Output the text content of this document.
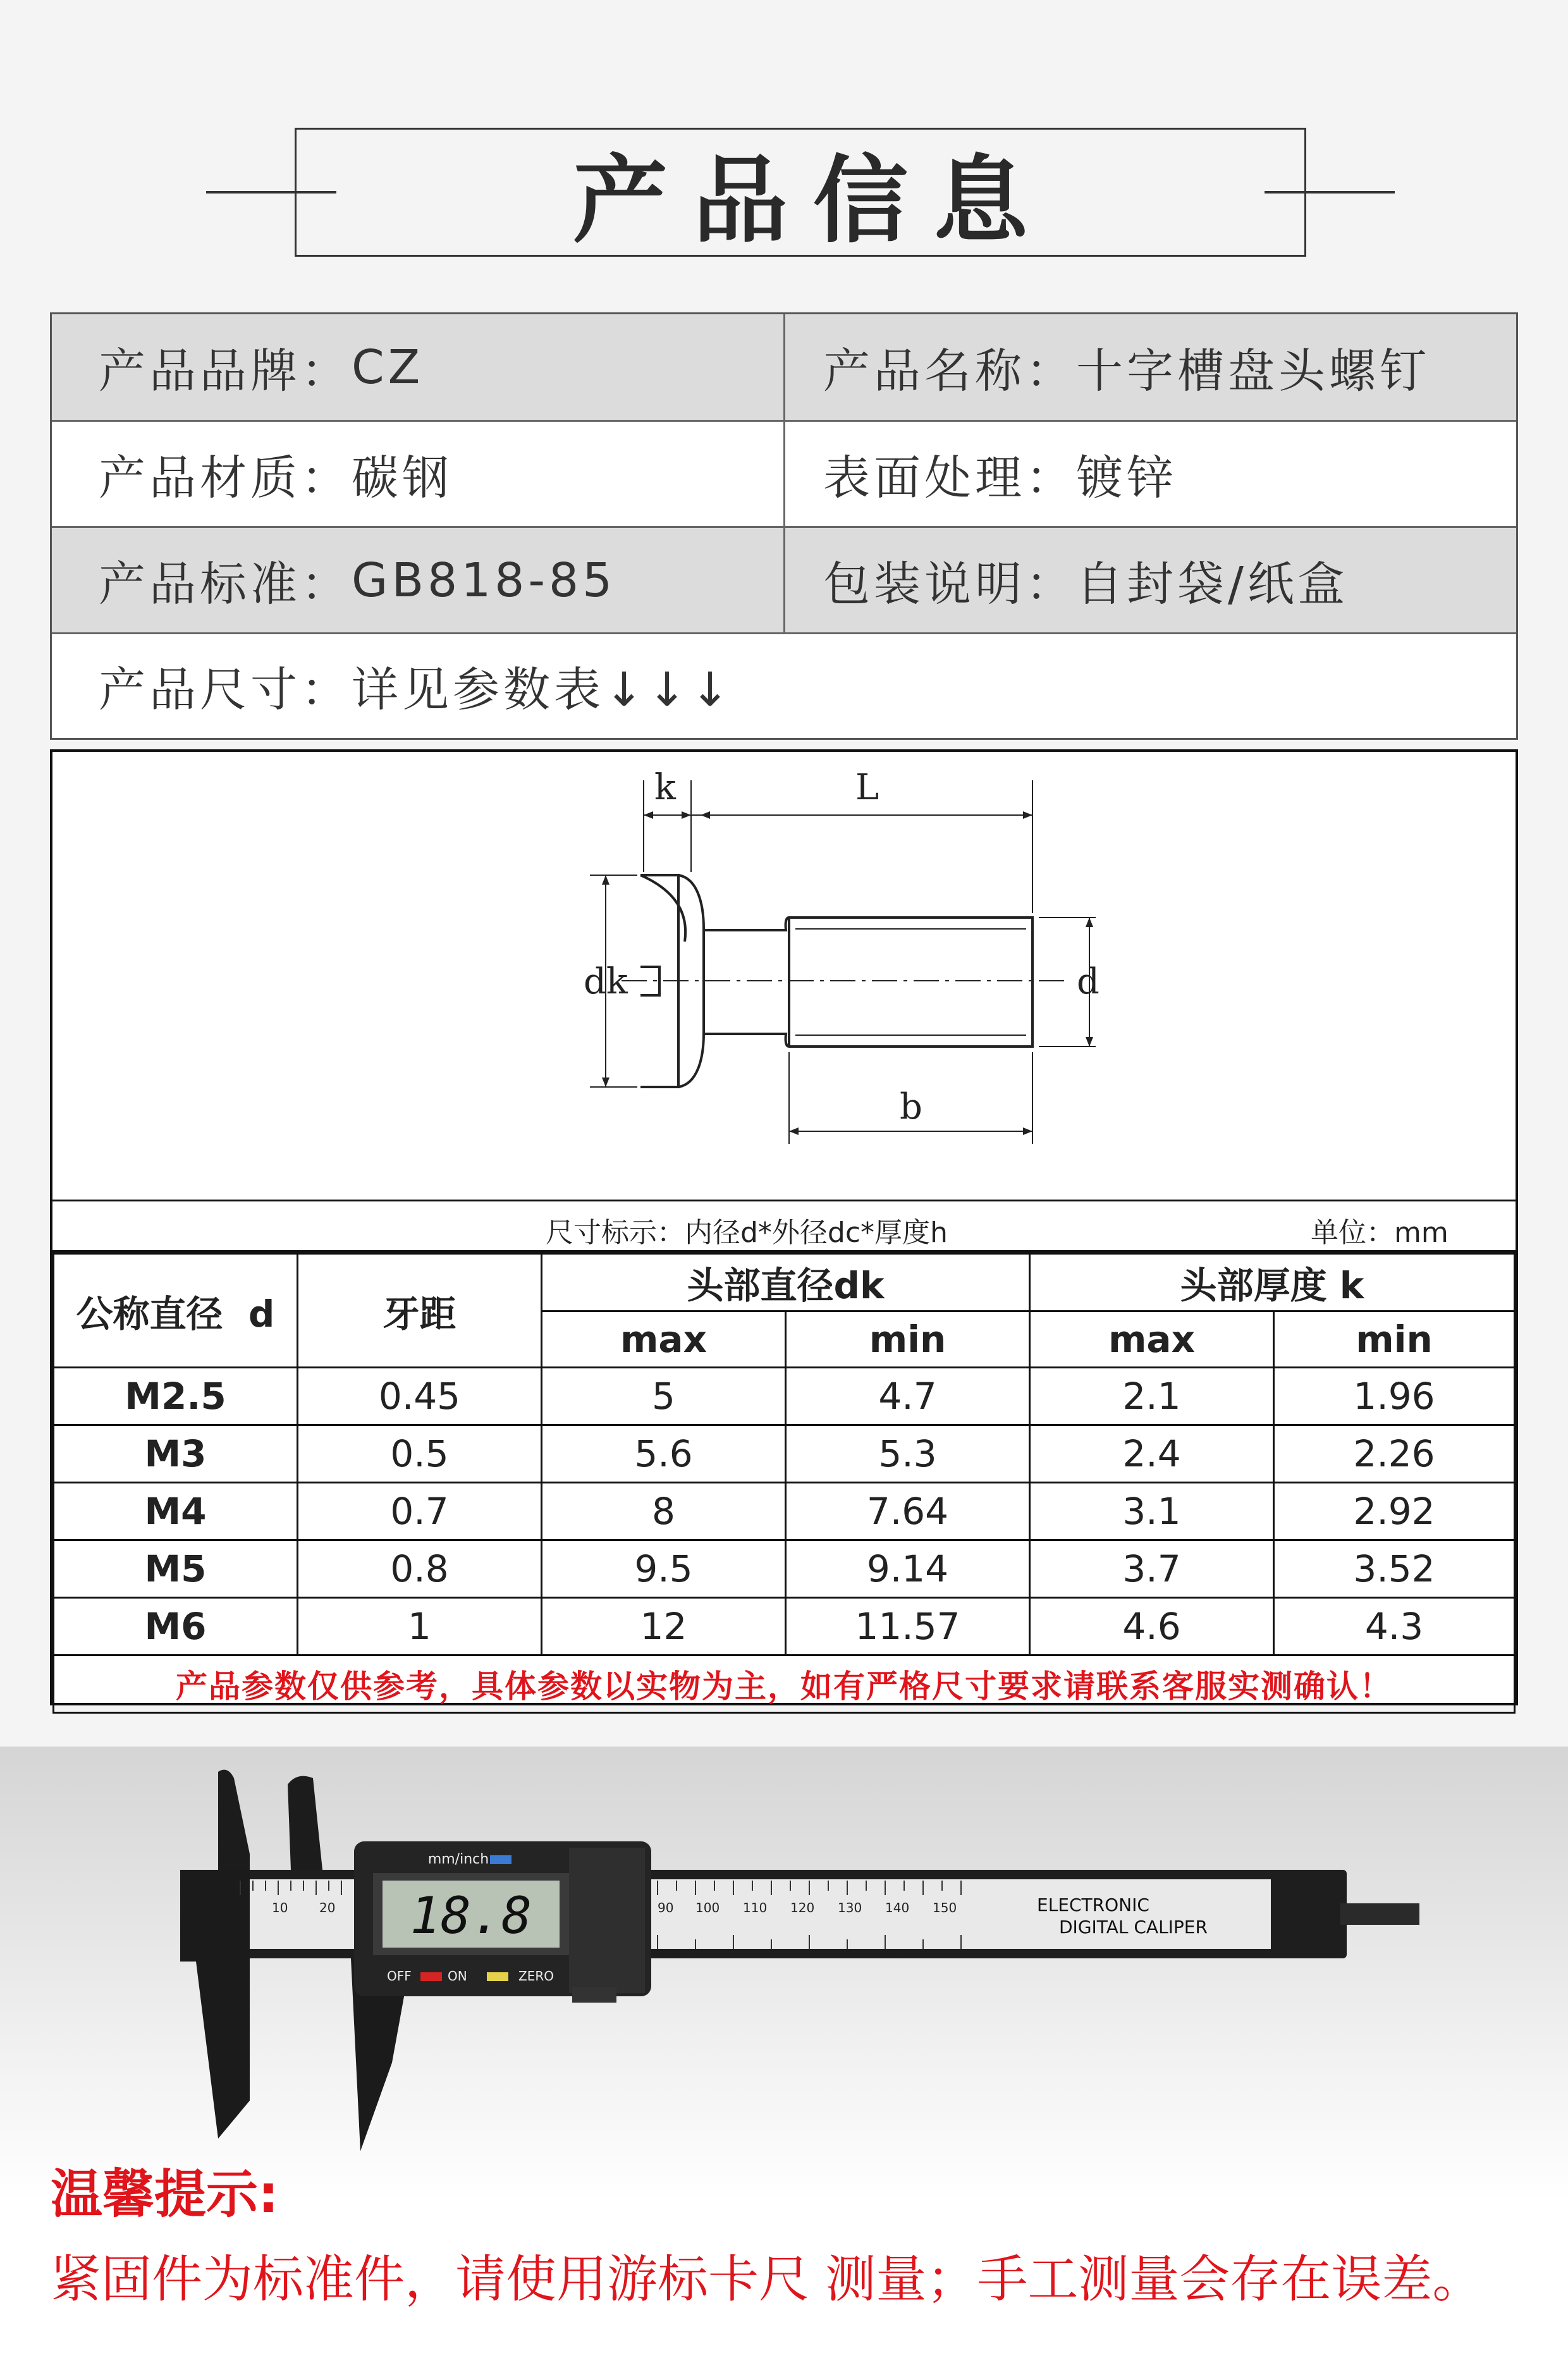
产品信息
产品品牌： CZ	产品名称： 十字槽盘头螺钉
产品材质： 碳钢	表面处理： 镀锌
产品标准： GB818-85	包装说明： 自封袋/纸盒
产品尺寸： 详见参数表↓↓↓
k	L
dk	d
b
尺寸标示：内径d*外径dc*厚度h	单位：mm
公称直径  d	牙距	头部直径dk		头部厚度 k	
		max	min	max	min
M2.5	0.45	5	4.7	2.1	1.96
M3	0.5	5.6	5.3	2.4	2.26
M4	0.7	8	7.64	3.1	2.92
M5	0.8	9.5	9.14	3.7	3.52
M6	1	12	11.57	4.6	4.3
产品参数仅供参考，具体参数以实物为主，如有严格尺寸要求请联系客服实测确认！					
18.8
mm/inch
OFF	ON	ZERO
10 20	90 100 110 120 130 140 150	ELECTRONIC
DIGITAL CALIPER
温馨提示:
紧固件为标准件，请使用游标卡尺 测量；手工测量会存在误差。
